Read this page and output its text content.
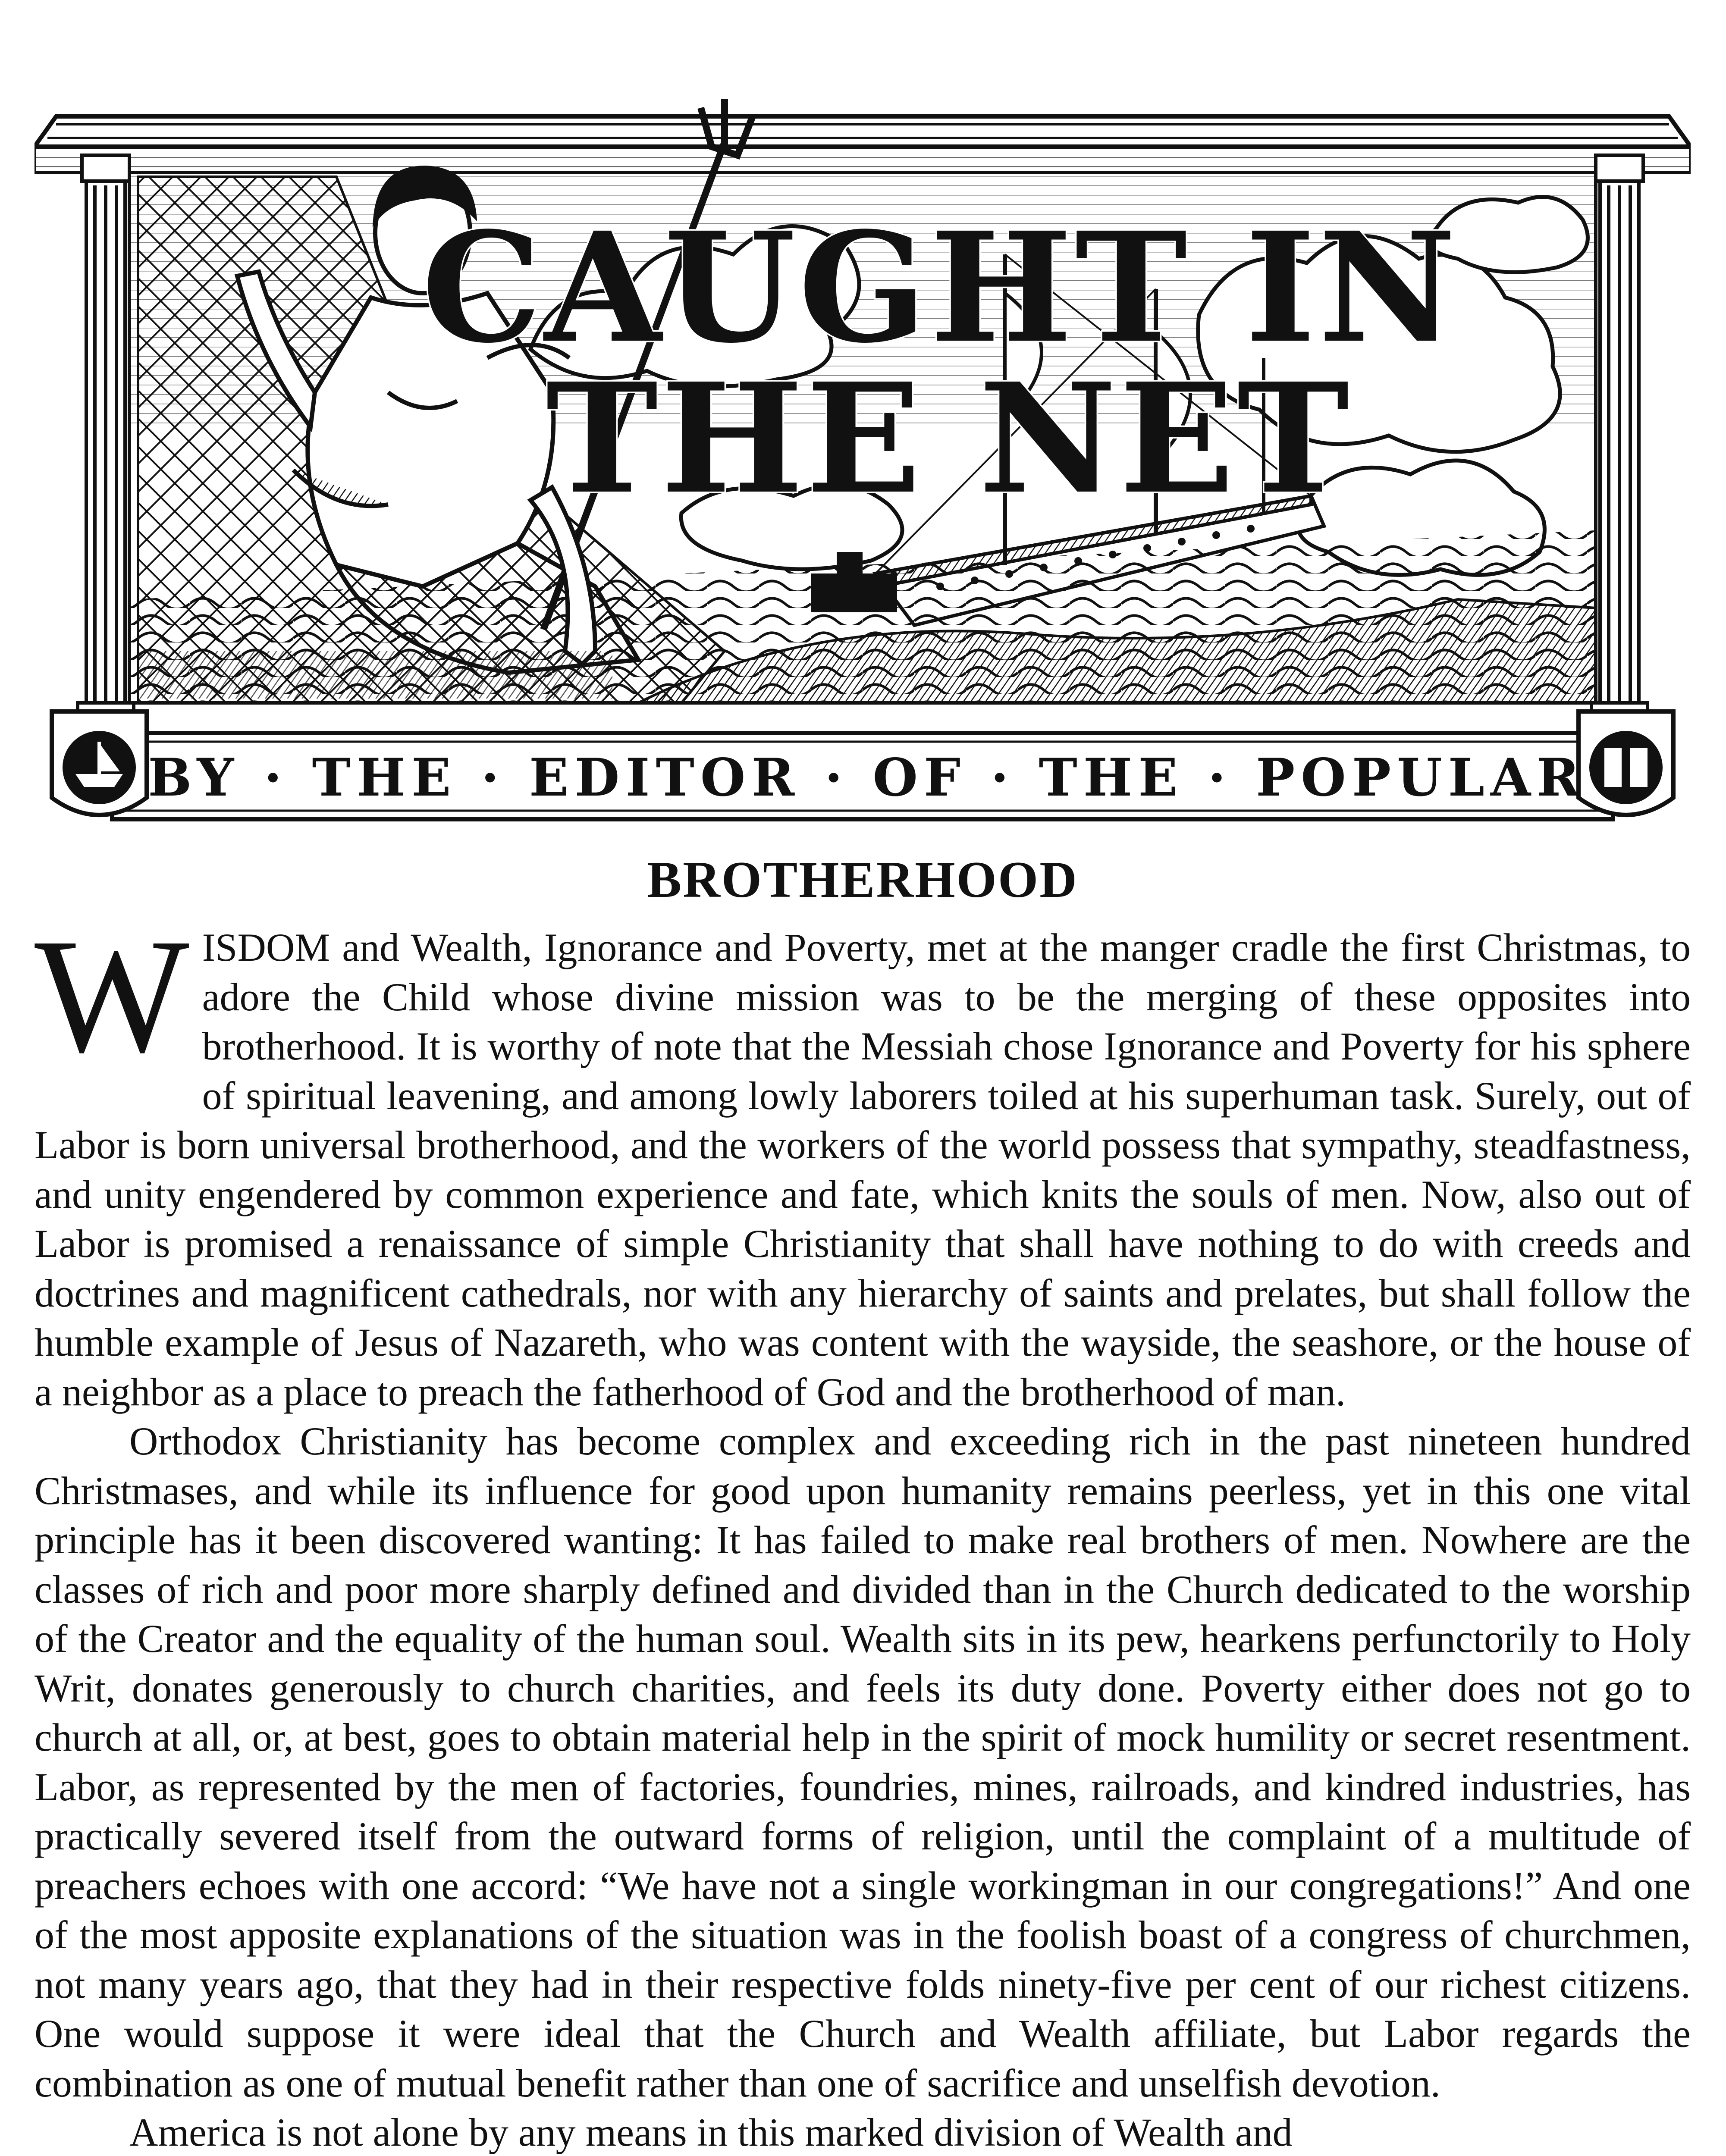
CAUGHT IN
THE NET
BY · THE · EDITOR · OF · THE · POPULAR
BROTHERHOOD

WISDOM and Wealth, Ignorance and Poverty, met at the manger cradle the first Christmas, to adore the Child whose divine mission was to be the merging of these opposites into brotherhood. It is worthy of note that the Messiah chose Ignorance and Poverty for his sphere of spiritual leavening, and among lowly laborers toiled at his superhuman task. Surely, out of Labor is born universal brotherhood, and the workers of the world possess that sympathy, steadfastness, and unity engendered by common experience and fate, which knits the souls of men. Now, also out of Labor is promised a renaissance of simple Christianity that shall have nothing to do with creeds and doctrines and magnificent cathedrals, nor with any hierarchy of saints and prelates, but shall follow the humble example of Jesus of Nazareth, who was content with the wayside, the seashore, or the house of a neighbor as a place to preach the fatherhood of God and the brotherhood of man.

Orthodox Christianity has become complex and exceeding rich in the past nineteen hundred Christmases, and while its influence for good upon humanity remains peerless, yet in this one vital principle has it been discovered wanting: It has failed to make real brothers of men. Nowhere are the classes of rich and poor more sharply defined and divided than in the Church dedicated to the worship of the Creator and the equality of the human soul. Wealth sits in its pew, hearkens perfunctorily to Holy Writ, donates generously to church charities, and feels its duty done. Poverty either does not go to church at all, or, at best, goes to obtain material help in the spirit of mock humility or secret resentment. Labor, as represented by the men of factories, foundries, mines, railroads, and kindred industries, has practically severed itself from the outward forms of religion, until the complaint of a multitude of preachers echoes with one accord: “We have not a single workingman in our congregations!” And one of the most apposite explanations of the situation was in the foolish boast of a congress of churchmen, not many years ago, that they had in their respective folds ninety-five per cent of our richest citizens. One would suppose it were ideal that the Church and Wealth affiliate, but Labor regards the combination as one of mutual benefit rather than one of sacrifice and unselfish devotion.

America is not alone by any means in this marked division of Wealth and
